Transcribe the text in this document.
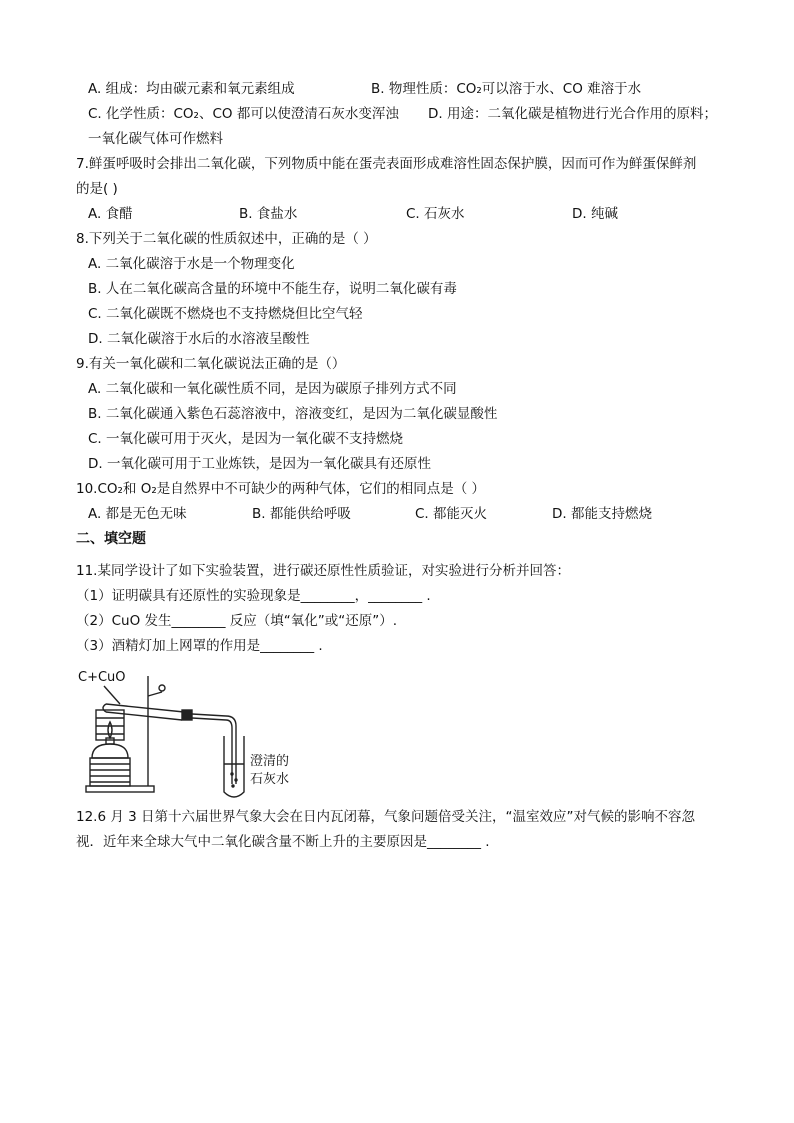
A. 组成：均由碳元素和氧元素组成	B. 物理性质：CO₂可以溶于水、CO 难溶于水
C. 化学性质：CO₂、CO 都可以使澄清石灰水变浑浊 D. 用途：二氧化碳是植物进行光合作用的原料；
一氧化碳气体可作燃料
7.鲜蛋呼吸时会排出二氧化碳，下列物质中能在蛋壳表面形成难溶性固态保护膜，因而可作为鲜蛋保鲜剂
的是( )
A. 食醋	B. 食盐水	C. 石灰水	D. 纯碱
8.下列关于二氧化碳的性质叙述中，正确的是（ ）
A. 二氧化碳溶于水是一个物理变化
B. 人在二氧化碳高含量的环境中不能生存，说明二氧化碳有毒
C. 二氧化碳既不燃烧也不支持燃烧但比空气轻
D. 二氧化碳溶于水后的水溶液呈酸性
9.有关一氧化碳和二氧化碳说法正确的是（）
A. 二氧化碳和一氧化碳性质不同，是因为碳原子排列方式不同
B. 二氧化碳通入紫色石蕊溶液中，溶液变红，是因为二氧化碳显酸性
C. 一氧化碳可用于灭火，是因为一氧化碳不支持燃烧
D. 一氧化碳可用于工业炼铁，是因为一氧化碳具有还原性
10.CO₂和 O₂是自然界中不可缺少的两种气体，它们的相同点是（ ）
A. 都是无色无味	B. 都能供给呼吸	C. 都能灭火	D. 都能支持燃烧
二、填空题
11.某同学设计了如下实验装置，进行碳还原性性质验证，对实验进行分析并回答：
（1）证明碳具有还原性的实验现象是________，________ .
（2）CuO 发生________ 反应（填“氧化”或“还原”）.
（3）酒精灯加上网罩的作用是________ .
C+CuO
澄清的
石灰水
12.6 月 3 日第十六届世界气象大会在日内瓦闭幕，气象问题倍受关注，“温室效应”对气候的影响不容忽
视．近年来全球大气中二氧化碳含量不断上升的主要原因是________ .
